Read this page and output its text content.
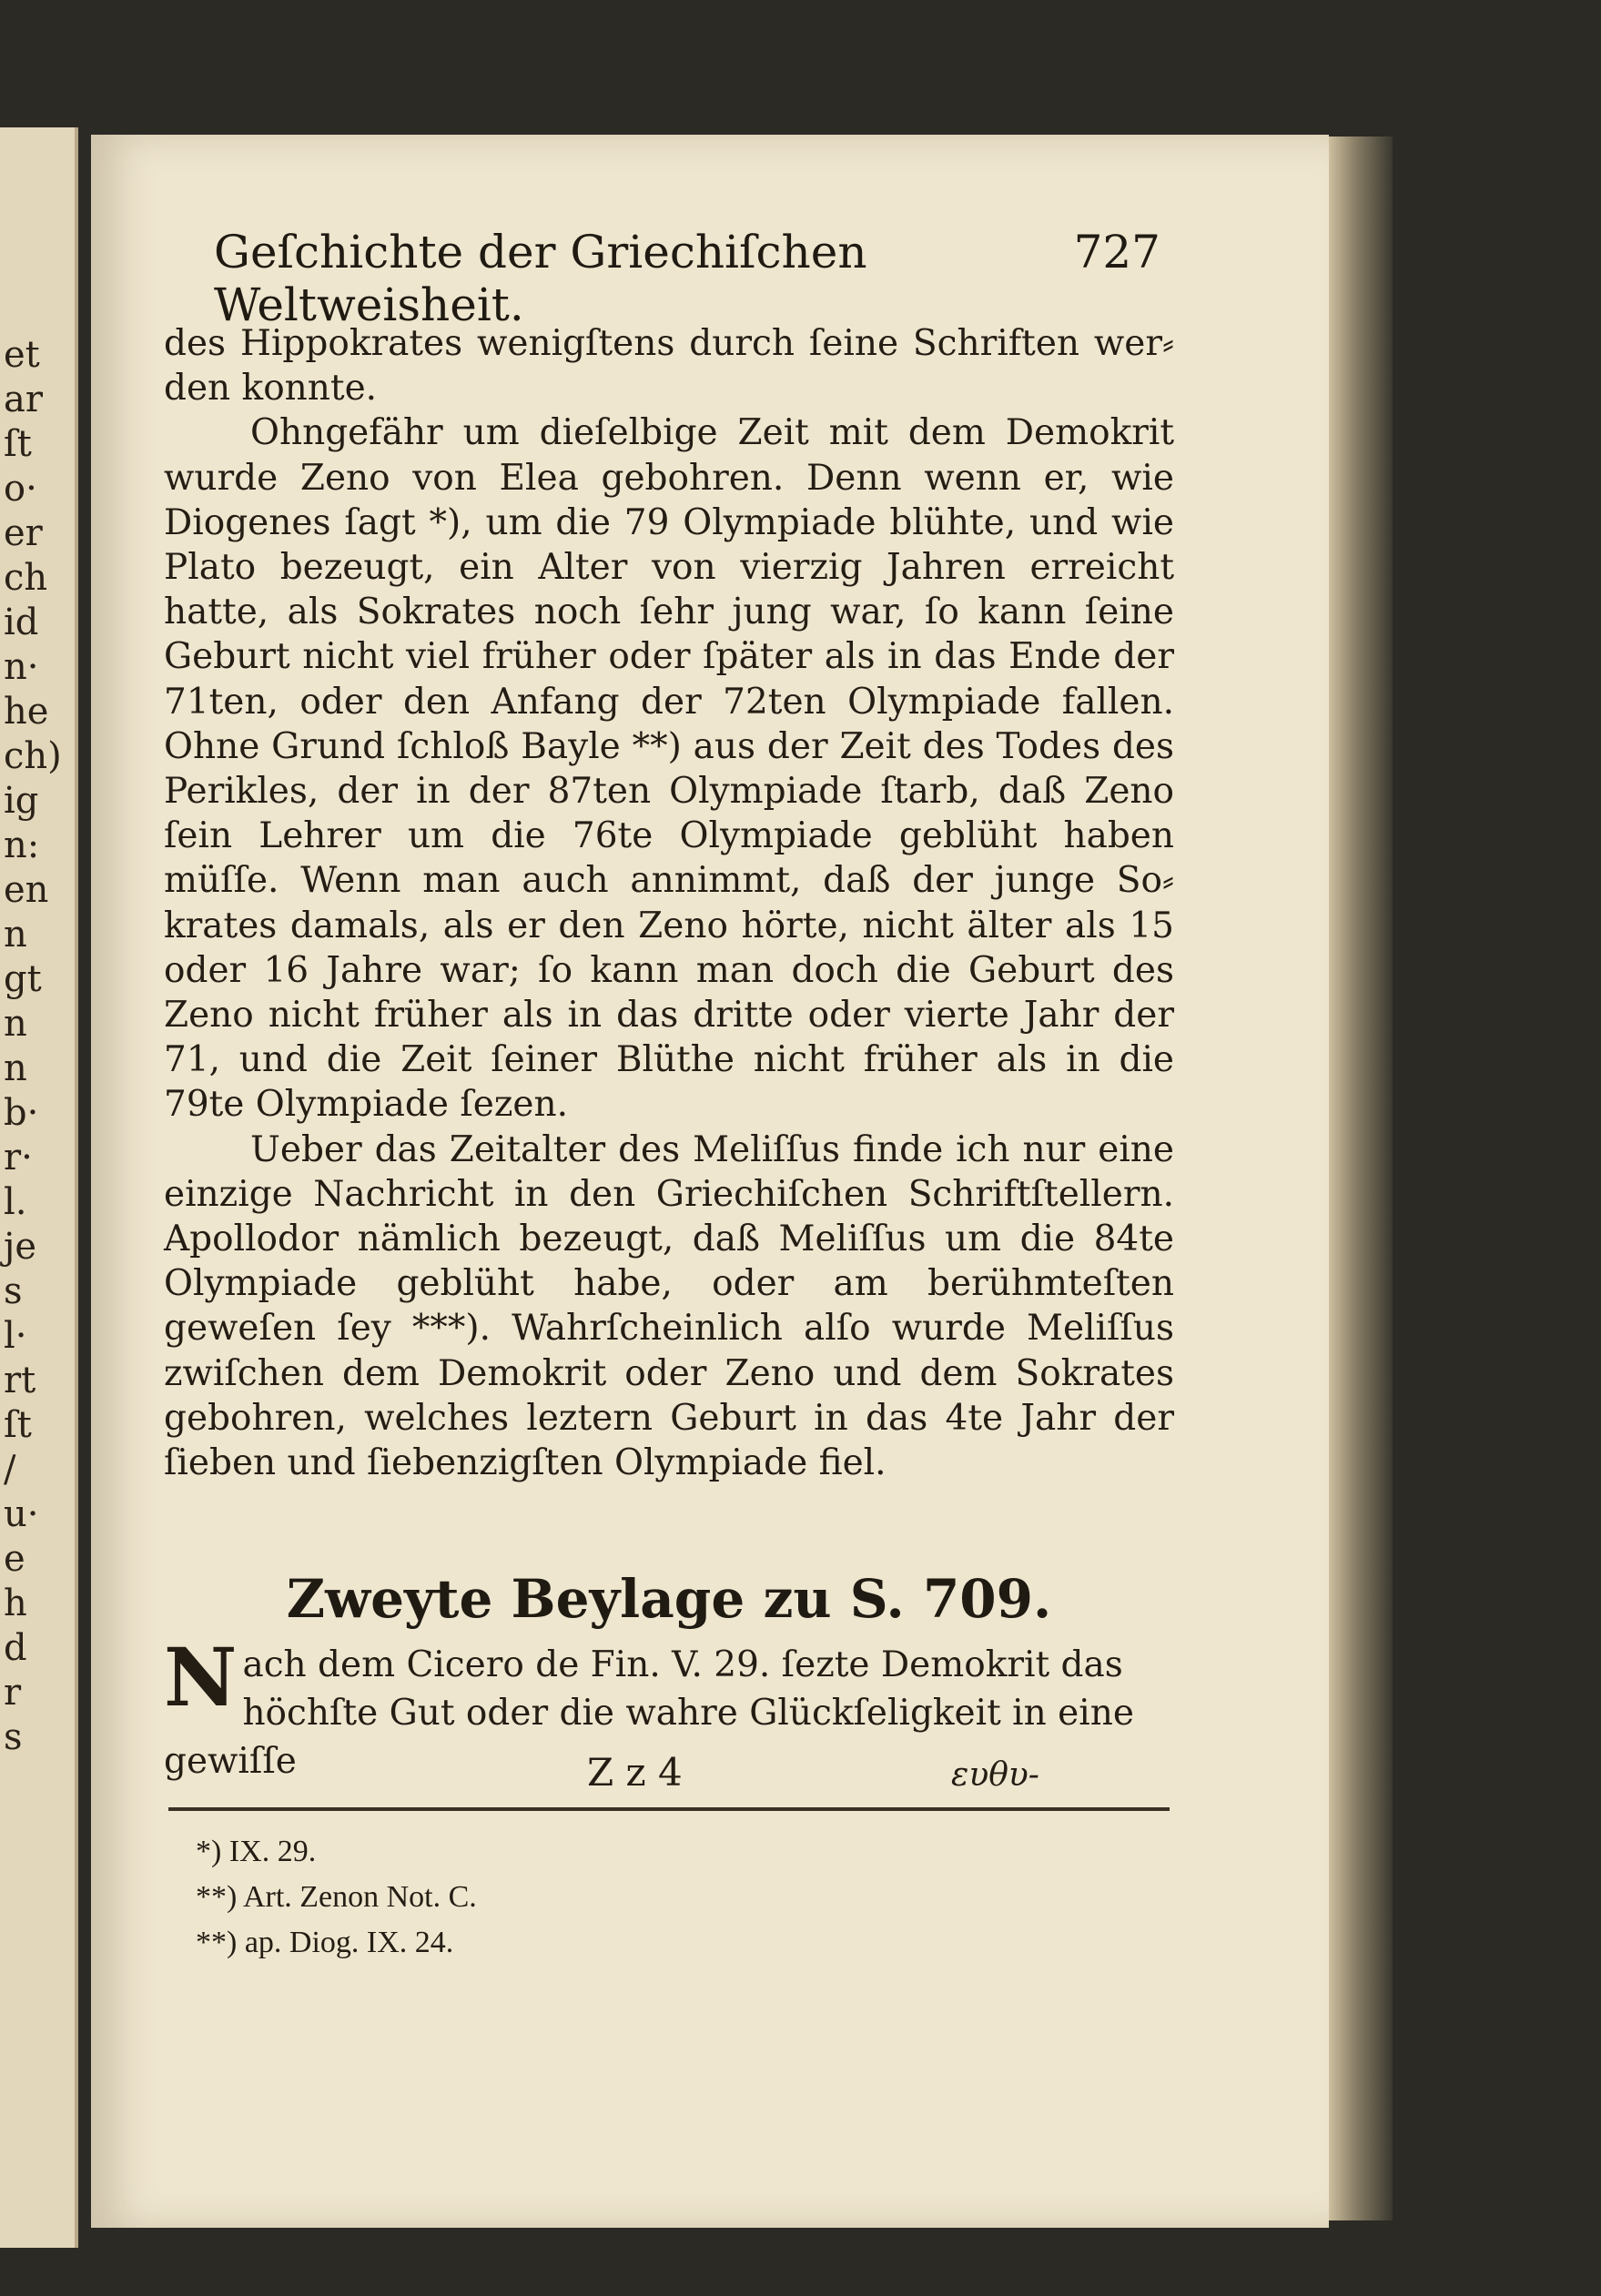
et
ar
ſt
o·
er
ch
id
n·
he
ch)
ig
n:
en
n
gt
n
n
b·
r·
l.
je
s
l·
rt
ſt
/
u·
e
h
d
r
s
Geſchichte der Griechiſchen Weltweisheit.
727

des Hippokrates wenigſtens durch ſeine Schriften wer⸗den konnte.

Ohngefähr um dieſelbige Zeit mit dem Demokrit wurde Zeno von Elea gebohren. Denn wenn er, wie Diogenes ſagt *), um die 79 Olympiade blühte, und wie Plato bezeugt, ein Alter von vierzig Jahren erreicht hatte, als Sokrates noch ſehr jung war, ſo kann ſeine Geburt nicht viel früher oder ſpäter als in das Ende der 71ten, oder den Anfang der 72ten Olympiade fallen. Ohne Grund ſchloß Bayle **) aus der Zeit des Todes des Perikles, der in der 87ten Olympiade ſtarb, daß Zeno ſein Lehrer um die 76te Olympiade geblüht haben müſſe. Wenn man auch annimmt, daß der junge So⸗krates damals, als er den Zeno hörte, nicht älter als 15 oder 16 Jahre war; ſo kann man doch die Geburt des Zeno nicht früher als in das dritte oder vierte Jahr der 71, und die Zeit ſeiner Blüthe nicht früher als in die 79te Olympiade ſezen.

Ueber das Zeitalter des Meliſſus finde ich nur eine einzige Nachricht in den Griechiſchen Schriftſtellern. Apollodor nämlich bezeugt, daß Meliſſus um die 84te Olympiade geblüht habe, oder am berühmteſten geweſen ſey ***). Wahrſcheinlich alſo wurde Meliſſus zwiſchen dem Demokrit oder Zeno und dem Sokrates gebohren, welches leztern Geburt in das 4te Jahr der ſieben und ſiebenzigſten Olympiade fiel.

Zweyte Beylage zu S. 709.
Nach dem Cicero de Fin. V. 29. ſezte Demokrit das höchſte Gut oder die wahre Glückſeligkeit in eine gewiſſe	Z z 4	ευθυ-
*) IX. 29.
**) Art. Zenon Not. C.
**) ap. Diog. IX. 24.
